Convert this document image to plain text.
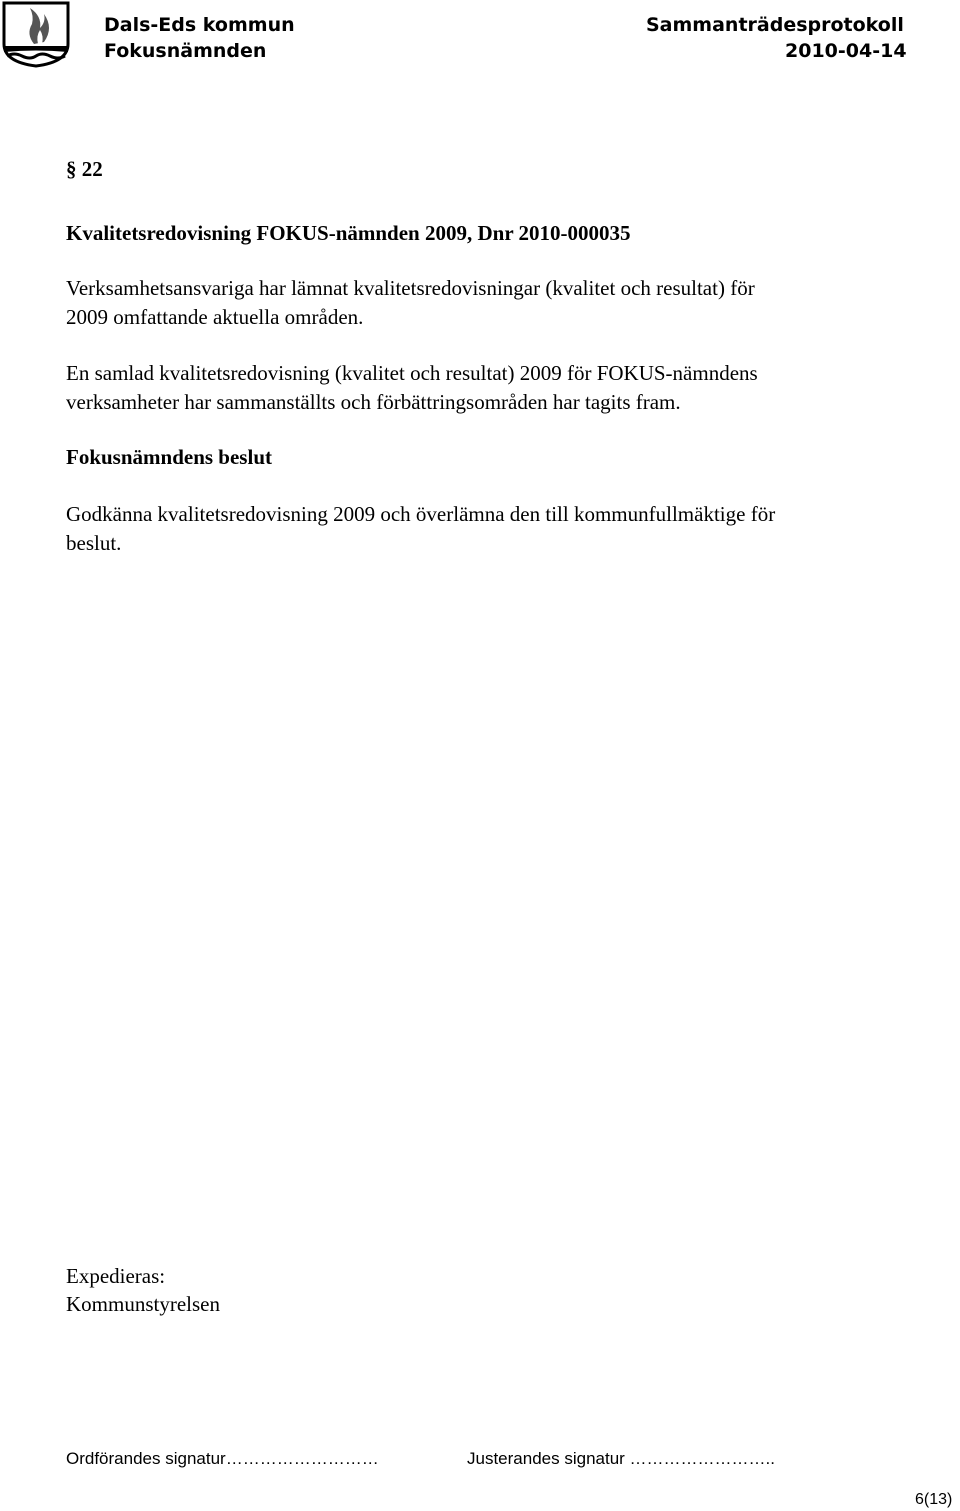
Dals-Eds kommun
Fokusnämnden
Sammanträdesprotokoll
2010-04-14
§ 22
Kvalitetsredovisning FOKUS-nämnden 2009, Dnr 2010-000035
Verksamhetsansvariga har lämnat kvalitetsredovisningar (kvalitet och resultat) för
2009 omfattande aktuella områden.
En samlad kvalitetsredovisning (kvalitet och resultat) 2009 för FOKUS-nämndens
verksamheter har sammanställts och förbättringsområden har tagits fram.
Fokusnämndens beslut
Godkänna kvalitetsredovisning 2009 och överlämna den till kommunfullmäktige för
beslut.
Expedieras:
Kommunstyrelsen
Ordförandes signatur………………………	Justerandes signatur ……………………..
6(13)
